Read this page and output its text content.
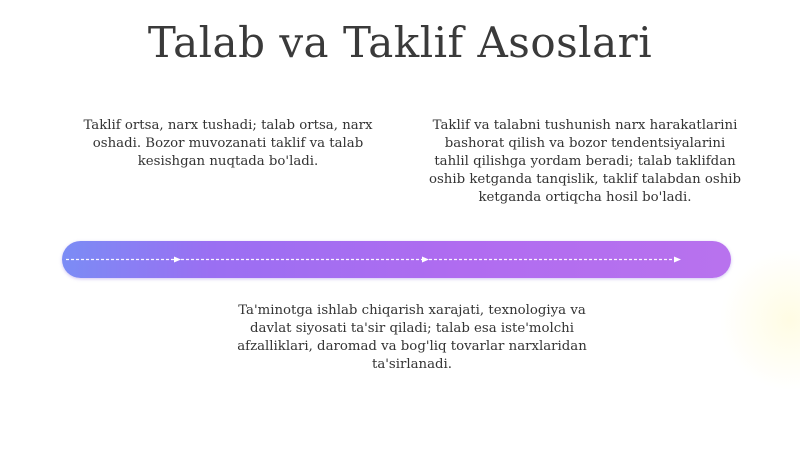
Talab va Taklif Asoslari

Taklif ortsa, narx tushadi; talab ortsa, narx oshadi. Bozor muvozanati taklif va talab kesishgan nuqtada bo'ladi.

Taklif va talabni tushunish narx harakatlarini bashorat qilish va bozor tendentsiyalarini tahlil qilishga yordam beradi; talab taklifdan oshib ketganda tanqislik, taklif talabdan oshib ketganda ortiqcha hosil bo'ladi.

Ta'minotga ishlab chiqarish xarajati, texnologiya va davlat siyosati ta'sir qiladi; talab esa iste'molchi afzalliklari, daromad va bog'liq tovarlar narxlaridan ta'sirlanadi.
